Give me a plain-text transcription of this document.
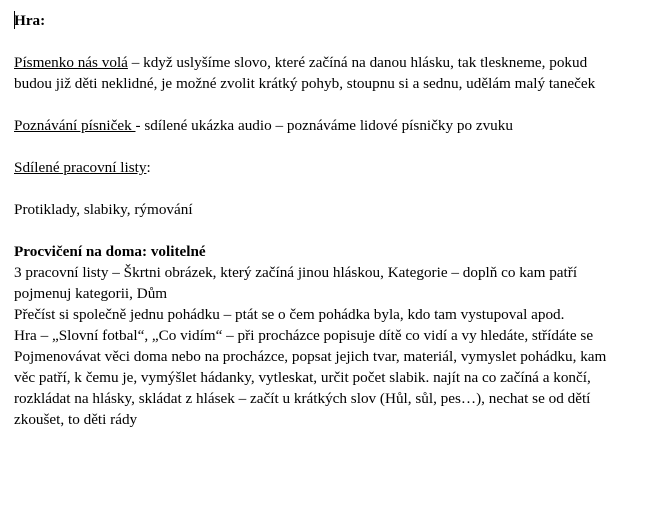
Hra:

Písmenko nás volá – když uslyšíme slovo, které začíná na danou hlásku, tak tleskneme, pokud

budou již děti neklidné, je možné zvolit krátký pohyb, stoupnu si a sednu, udělám malý taneček

Poznávání písniček - sdílené ukázka audio – poznáváme lidové písničky po zvuku

Sdílené pracovní listy:

Protiklady, slabiky, rýmování

Procvičení na doma: volitelné

3 pracovní listy – Škrtni obrázek, který začíná jinou hláskou, Kategorie – doplň co kam patří

pojmenuj kategorii, Dům

Přečíst si společně jednu pohádku – ptát se o čem pohádka byla, kdo tam vystupoval apod.

Hra – „Slovní fotbal“, „Co vidím“ – při procházce popisuje dítě co vidí a vy hledáte, střídáte se

Pojmenovávat věci doma nebo na procházce, popsat jejich tvar, materiál, vymyslet pohádku, kam

věc patří, k čemu je, vymýšlet hádanky, vytleskat, určit počet slabik. najít na co začíná a končí,

rozkládat na hlásky, skládat z hlásek – začít u krátkých slov (Hůl, sůl, pes…), nechat se od dětí

zkoušet, to děti rády
